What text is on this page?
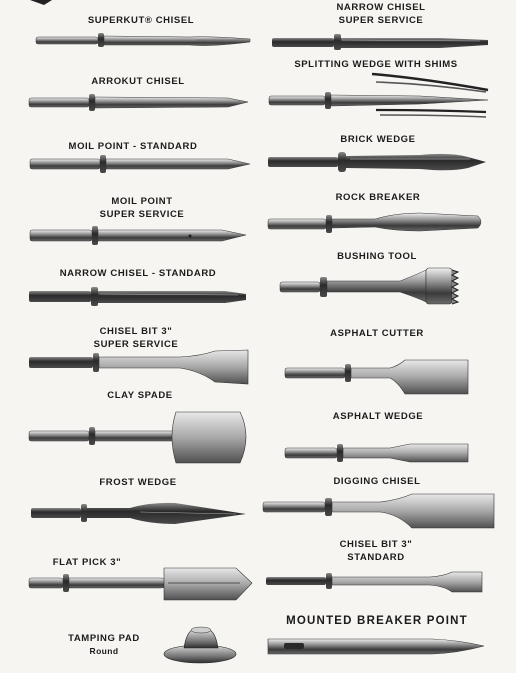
SUPERKUT® CHISEL
NARROW CHISEL
SUPER SERVICE
ARROKUT CHISEL
SPLITTING WEDGE WITH SHIMS
MOIL POINT - STANDARD
BRICK WEDGE
MOIL POINT
SUPER SERVICE
ROCK BREAKER
NARROW CHISEL - STANDARD
BUSHING TOOL
CHISEL BIT 3"
SUPER SERVICE
ASPHALT CUTTER
CLAY SPADE
ASPHALT WEDGE
FROST WEDGE	DIGGING CHISEL
FLAT PICK 3"
CHISEL BIT 3"
STANDARD
TAMPING PAD
Round
MOUNTED BREAKER POINT
